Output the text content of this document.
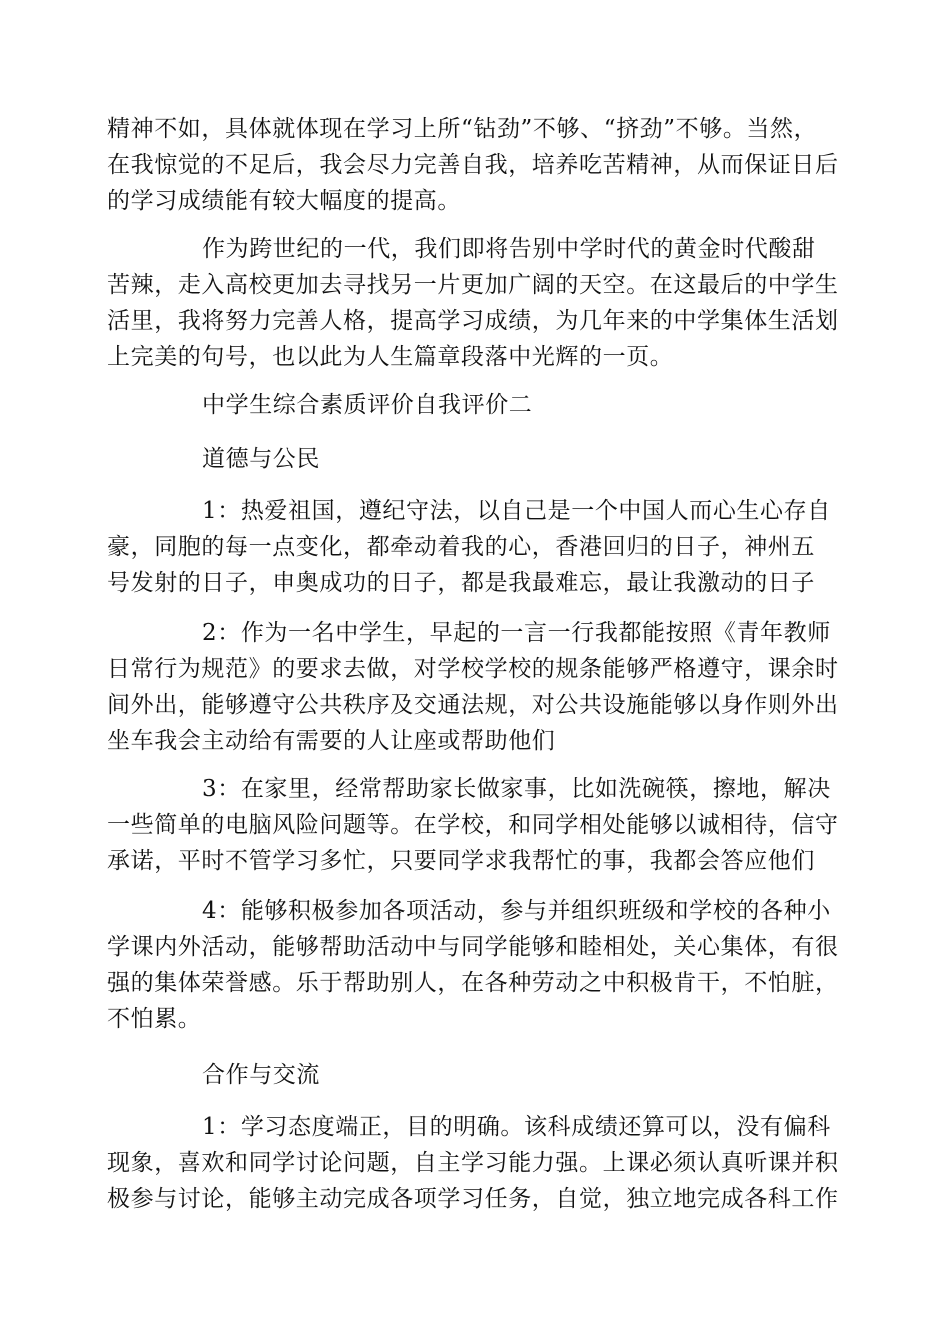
精神不如，具体就体现在学习上所“钻劲”不够、“挤劲”不够。当然，
在我惊觉的不足后，我会尽力完善自我，培养吃苦精神，从而保证日后
的学习成绩能有较大幅度的提高。
作为跨世纪的一代，我们即将告别中学时代的黄金时代酸甜
苦辣，走入高校更加去寻找另一片更加广阔的天空。在这最后的中学生
活里，我将努力完善人格，提高学习成绩，为几年来的中学集体生活划
上完美的句号，也以此为人生篇章段落中光辉的一页。
中学生综合素质评价自我评价二
道德与公民
1：热爱祖国，遵纪守法，以自己是一个中国人而心生心存自
豪，同胞的每一点变化，都牵动着我的心，香港回归的日子，神州五
号发射的日子，申奥成功的日子，都是我最难忘，最让我激动的日子
2：作为一名中学生，早起的一言一行我都能按照《青年教师
日常行为规范》的要求去做，对学校学校的规条能够严格遵守，课余时
间外出，能够遵守公共秩序及交通法规，对公共设施能够以身作则外出
坐车我会主动给有需要的人让座或帮助他们
3：在家里，经常帮助家长做家事，比如洗碗筷，擦地，解决
一些简单的电脑风险问题等。在学校，和同学相处能够以诚相待，信守
承诺，平时不管学习多忙，只要同学求我帮忙的事，我都会答应他们
4：能够积极参加各项活动，参与并组织班级和学校的各种小
学课内外活动，能够帮助活动中与同学能够和睦相处，关心集体，有很
强的集体荣誉感。乐于帮助别人，在各种劳动之中积极肯干，不怕脏，
不怕累。
合作与交流
1：学习态度端正，目的明确。该科成绩还算可以，没有偏科
现象，喜欢和同学讨论问题，自主学习能力强。上课必须认真听课并积
极参与讨论，能够主动完成各项学习任务，自觉，独立地完成各科工作
